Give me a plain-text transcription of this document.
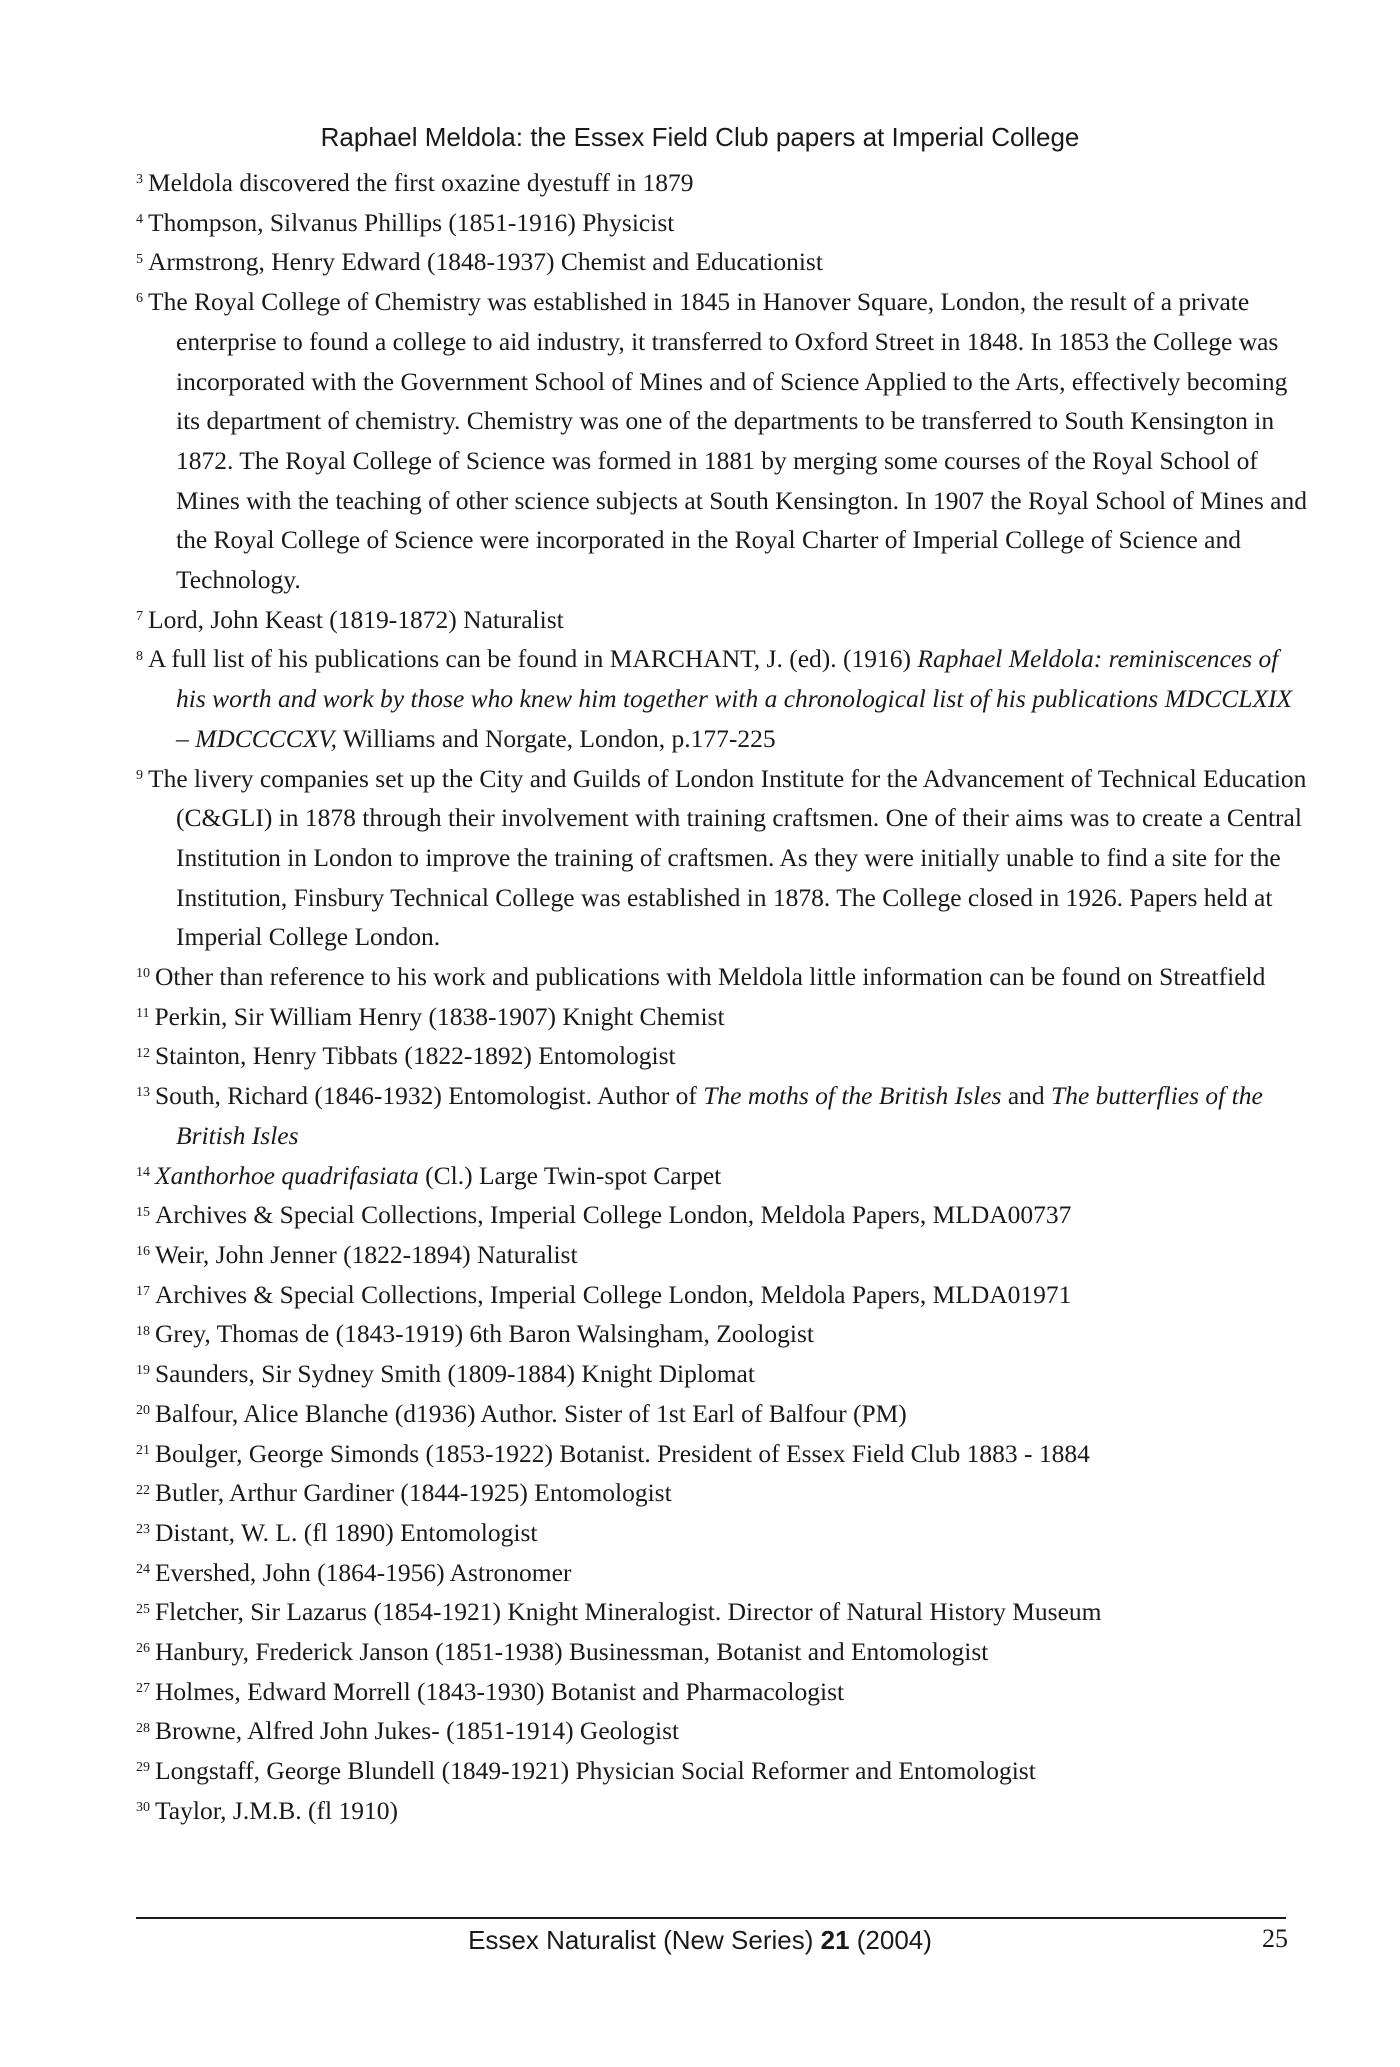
Raphael Meldola: the Essex Field Club papers at Imperial College
$^3$ Meldola discovered the first oxazine dyestuff in 1879
$^4$ Thompson, Silvanus Phillips (1851-1916) Physicist
$^5$ Armstrong, Henry Edward (1848-1937) Chemist and Educationist
$^6$ The Royal College of Chemistry was established in 1845 in Hanover Square, London, the result of a private enterprise to found a college to aid industry, it transferred to Oxford Street in 1848. In 1853 the College was incorporated with the Government School of Mines and of Science Applied to the Arts, effectively becoming its department of chemistry. Chemistry was one of the departments to be transferred to South Kensington in 1872. The Royal College of Science was formed in 1881 by merging some courses of the Royal School of Mines with the teaching of other science subjects at South Kensington. In 1907 the Royal School of Mines and the Royal College of Science were incorporated in the Royal Charter of Imperial College of Science and Technology.
$^7$ Lord, John Keast (1819-1872) Naturalist
$^8$ A full list of his publications can be found in MARCHANT, J. (ed). (1916) Raphael Meldola: reminiscences of his worth and work by those who knew him together with a chronological list of his publications MDCCLXIX – MDCCCCXV, Williams and Norgate, London, p.177-225
$^9$ The livery companies set up the City and Guilds of London Institute for the Advancement of Technical Education (C&GLI) in 1878 through their involvement with training craftsmen. One of their aims was to create a Central Institution in London to improve the training of craftsmen. As they were initially unable to find a site for the Institution, Finsbury Technical College was established in 1878. The College closed in 1926. Papers held at Imperial College London.
$^{10}$ Other than reference to his work and publications with Meldola little information can be found on Streatfield
$^{11}$ Perkin, Sir William Henry (1838-1907) Knight Chemist
$^{12}$ Stainton, Henry Tibbats (1822-1892) Entomologist
$^{13}$ South, Richard (1846-1932) Entomologist. Author of The moths of the British Isles and The butterflies of the British Isles
$^{14}$ Xanthorhoe quadrifasiata (Cl.) Large Twin-spot Carpet
$^{15}$ Archives & Special Collections, Imperial College London, Meldola Papers, MLDA00737
$^{16}$ Weir, John Jenner (1822-1894) Naturalist
$^{17}$ Archives & Special Collections, Imperial College London, Meldola Papers, MLDA01971
$^{18}$ Grey, Thomas de (1843-1919) 6th Baron Walsingham, Zoologist
$^{19}$ Saunders, Sir Sydney Smith (1809-1884) Knight Diplomat
$^{20}$ Balfour, Alice Blanche (d1936) Author. Sister of 1st Earl of Balfour (PM)
$^{21}$ Boulger, George Simonds (1853-1922) Botanist. President of Essex Field Club 1883 - 1884
$^{22}$ Butler, Arthur Gardiner (1844-1925) Entomologist
$^{23}$ Distant, W. L. (fl 1890) Entomologist
$^{24}$ Evershed, John (1864-1956) Astronomer
$^{25}$ Fletcher, Sir Lazarus (1854-1921) Knight Mineralogist. Director of Natural History Museum
$^{26}$ Hanbury, Frederick Janson (1851-1938) Businessman, Botanist and Entomologist
$^{27}$ Holmes, Edward Morrell (1843-1930) Botanist and Pharmacologist
$^{28}$ Browne, Alfred John Jukes- (1851-1914) Geologist
$^{29}$ Longstaff, George Blundell (1849-1921) Physician Social Reformer and Entomologist
$^{30}$ Taylor, J.M.B. (fl 1910)
Essex Naturalist (New Series) 21 (2004)	25
